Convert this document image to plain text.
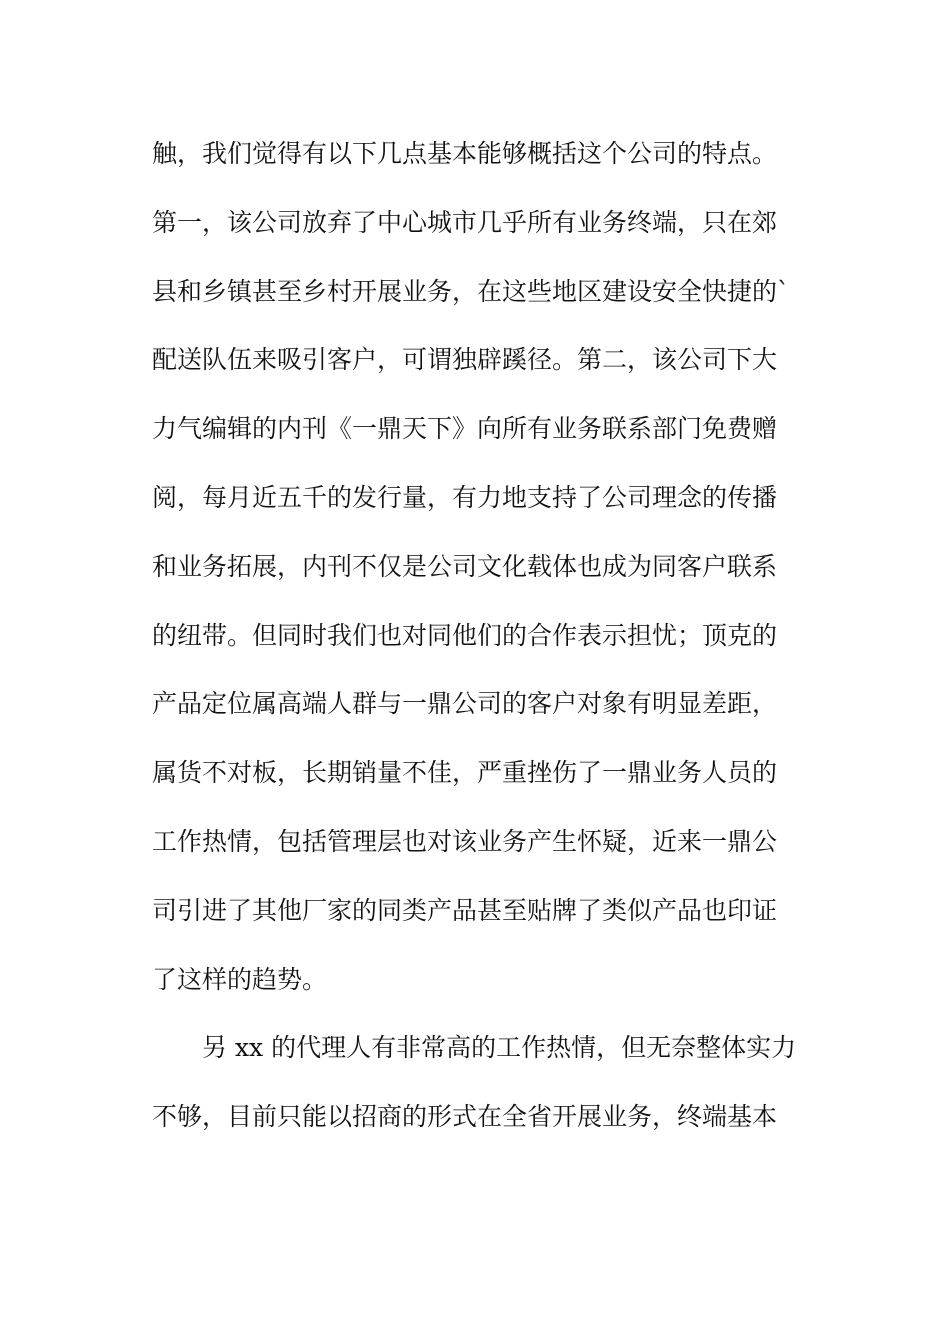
触，我们觉得有以下几点基本能够概括这个公司的特点。
第一，该公司放弃了中心城市几乎所有业务终端，只在郊
县和乡镇甚至乡村开展业务，在这些地区建设安全快捷的`
配送队伍来吸引客户，可谓独辟蹊径。第二，该公司下大
力气编辑的内刊《一鼎天下》向所有业务联系部门免费赠
阅，每月近五千的发行量，有力地支持了公司理念的传播
和业务拓展，内刊不仅是公司文化载体也成为同客户联系
的纽带。但同时我们也对同他们的合作表示担忧；顶克的
产品定位属高端人群与一鼎公司的客户对象有明显差距，
属货不对板，长期销量不佳，严重挫伤了一鼎业务人员的
工作热情，包括管理层也对该业务产生怀疑，近来一鼎公
司引进了其他厂家的同类产品甚至贴牌了类似产品也印证
了这样的趋势。
另 xx 的代理人有非常高的工作热情，但无奈整体实力
不够，目前只能以招商的形式在全省开展业务，终端基本
